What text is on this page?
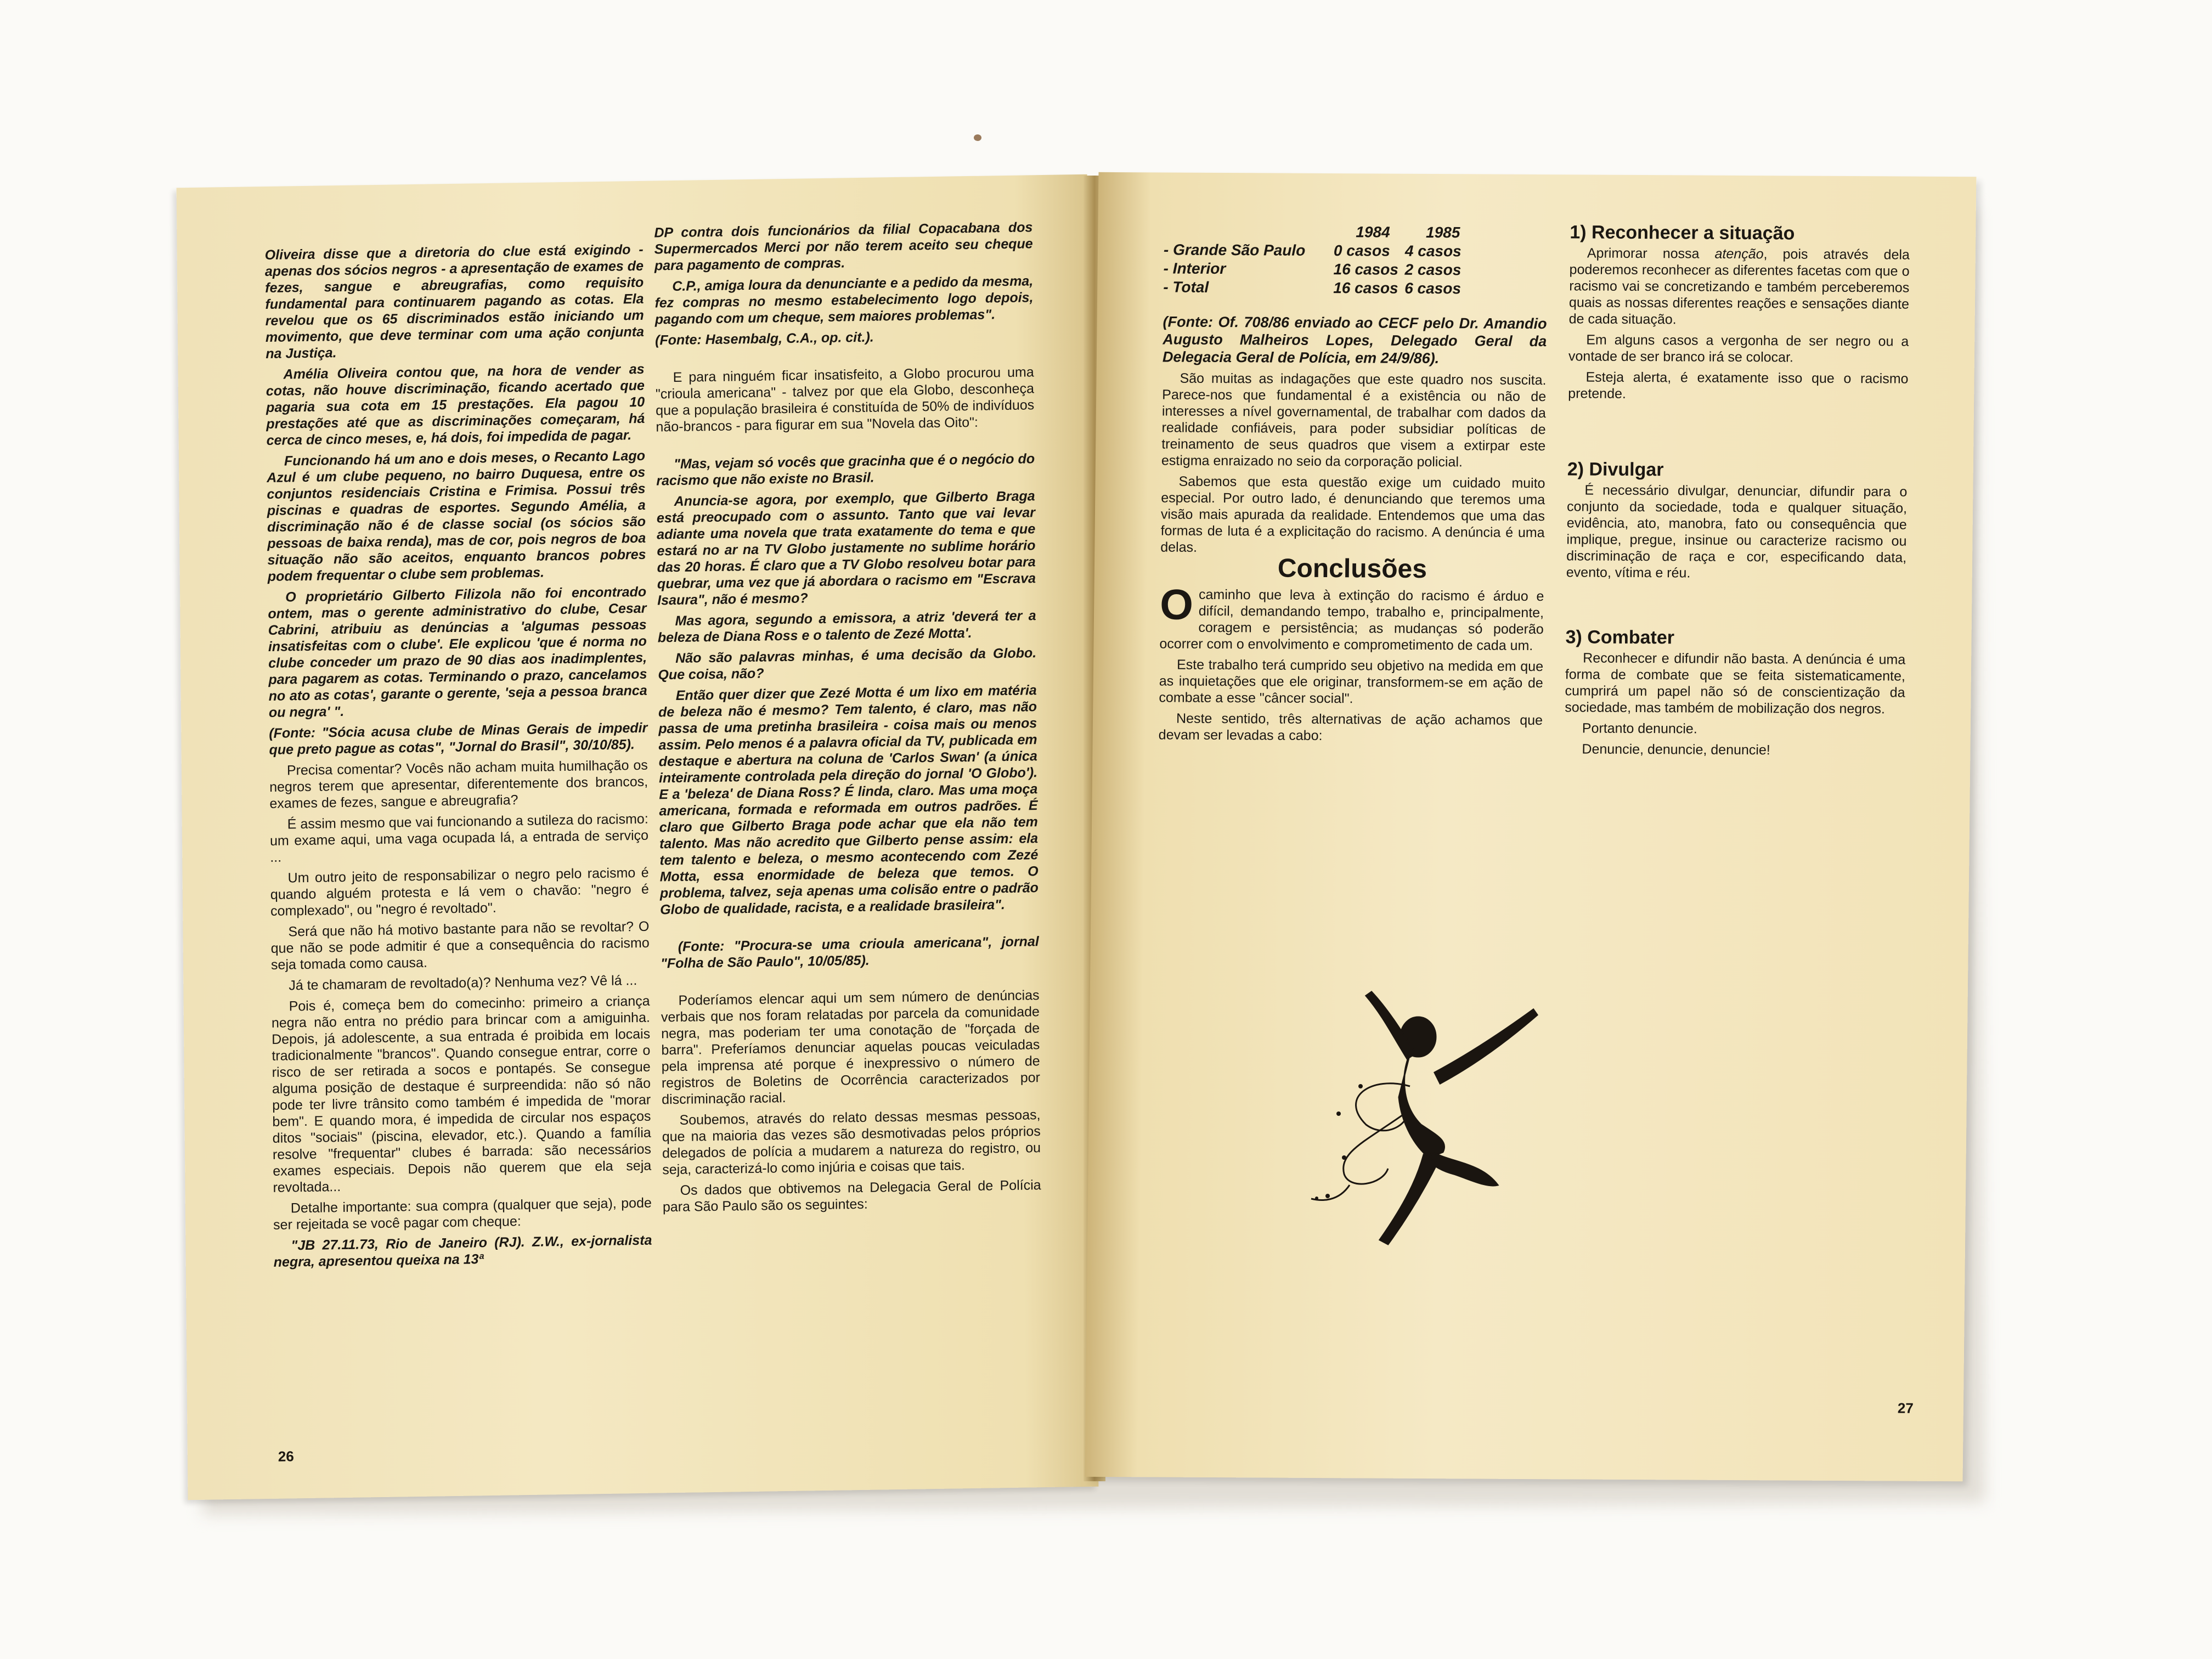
Oliveira disse que a diretoria do clue está exigindo - apenas dos sócios negros - a apresentação de exames de fezes, sangue e abreugrafias, como requisito fundamental para continuarem pagando as cotas. Ela revelou que os 65 discriminados estão iniciando um movimento, que deve terminar com uma ação conjunta na Justiça.

Amélia Oliveira contou que, na hora de vender as cotas, não houve discriminação, ficando acertado que pagaria sua cota em 15 prestações. Ela pagou 10 prestações até que as discriminações começaram, há cerca de cinco meses, e, há dois, foi impedida de pagar.

Funcionando há um ano e dois meses, o Recanto Lago Azul é um clube pequeno, no bairro Duquesa, entre os conjuntos residenciais Cristina e Frimisa. Possui três piscinas e quadras de esportes. Segundo Amélia, a discriminação não é de classe social (os sócios são pessoas de baixa renda), mas de cor, pois negros de boa situação não são aceitos, enquanto brancos pobres podem frequentar o clube sem problemas.

O proprietário Gilberto Filizola não foi encontrado ontem, mas o gerente administrativo do clube, Cesar Cabrini, atribuiu as denúncias a 'algumas pessoas insatisfeitas com o clube'. Ele explicou 'que é norma no clube conceder um prazo de 90 dias aos inadimplentes, para pagarem as cotas. Terminando o prazo, cancelamos no ato as cotas', garante o gerente, 'seja a pessoa branca ou negra' ".

(Fonte: "Sócia acusa clube de Minas Gerais de impedir que preto pague as cotas", "Jornal do Brasil", 30/10/85).

Precisa comentar? Vocês não acham muita humilhação os negros terem que apresentar, diferentemente dos brancos, exames de fezes, sangue e abreugrafia?

É assim mesmo que vai funcionando a sutileza do racismo: um exame aqui, uma vaga ocupada lá, a entrada de serviço ...

Um outro jeito de responsabilizar o negro pelo racismo é quando alguém protesta e lá vem o chavão: "negro é complexado", ou "negro é revoltado".

Será que não há motivo bastante para não se revoltar? O que não se pode admitir é que a consequência do racismo seja tomada como causa.

Já te chamaram de revoltado(a)? Nenhuma vez? Vê lá ...

Pois é, começa bem do comecinho: primeiro a criança negra não entra no prédio para brincar com a amiguinha. Depois, já adolescente, a sua entrada é proibida em locais tradicionalmente "brancos". Quando consegue entrar, corre o risco de ser retirada a socos e pontapés. Se consegue alguma posição de destaque é surpreendida: não só não pode ter livre trânsito como também é impedida de "morar bem". E quando mora, é impedida de circular nos espaços ditos "sociais" (piscina, elevador, etc.). Quando a família resolve "frequentar" clubes é barrada: são necessários exames especiais. Depois não querem que ela seja revoltada...

Detalhe importante: sua compra (qualquer que seja), pode ser rejeitada se você pagar com cheque:

"JB 27.11.73, Rio de Janeiro (RJ). Z.W., ex-jornalista negra, apresentou queixa na 13ª

DP contra dois funcionários da filial Copacabana dos Supermercados Merci por não terem aceito seu cheque para pagamento de compras.

C.P., amiga loura da denunciante e a pedido da mesma, fez compras no mesmo estabelecimento logo depois, pagando com um cheque, sem maiores problemas".

(Fonte: Hasembalg, C.A., op. cit.).

E para ninguém ficar insatisfeito, a Globo procurou uma "crioula americana" - talvez por que ela Globo, desconheça que a população brasileira é constituída de 50% de indivíduos não-brancos - para figurar em sua "Novela das Oito":

"Mas, vejam só vocês que gracinha que é o negócio do racismo que não existe no Brasil.

Anuncia-se agora, por exemplo, que Gilberto Braga está preocupado com o assunto. Tanto que vai levar adiante uma novela que trata exatamente do tema e que estará no ar na TV Globo justamente no sublime horário das 20 horas. É claro que a TV Globo resolveu botar para quebrar, uma vez que já abordara o racismo em "Escrava Isaura", não é mesmo?

Mas agora, segundo a emissora, a atriz 'deverá ter a beleza de Diana Ross e o talento de Zezé Motta'.

Não são palavras minhas, é uma decisão da Globo. Que coisa, não?

Então quer dizer que Zezé Motta é um lixo em matéria de beleza não é mesmo? Tem talento, é claro, mas não passa de uma pretinha brasileira - coisa mais ou menos assim. Pelo menos é a palavra oficial da TV, publicada em destaque e abertura na coluna de 'Carlos Swan' (a única inteiramente controlada pela direção do jornal 'O Globo'). E a 'beleza' de Diana Ross? É linda, claro. Mas uma moça americana, formada e reformada em outros padrões. É claro que Gilberto Braga pode achar que ela não tem talento. Mas não acredito que Gilberto pense assim: ela tem talento e beleza, o mesmo acontecendo com Zezé Motta, essa enormidade de beleza que temos. O problema, talvez, seja apenas uma colisão entre o padrão Globo de qualidade, racista, e a realidade brasileira".

(Fonte: "Procura-se uma crioula americana", jornal "Folha de São Paulo", 10/05/85).

Poderíamos elencar aqui um sem número de denúncias verbais que nos foram relatadas por parcela da comunidade negra, mas poderiam ter uma conotação de "forçada de barra". Preferíamos denunciar aquelas poucas veiculadas pela imprensa até porque é inexpressivo o número de registros de Boletins de Ocorrência caracterizados por discriminação racial.

Soubemos, através do relato dessas mesmas pessoas, que na maioria das vezes são desmotivadas pelos próprios delegados de polícia a mudarem a natureza do registro, ou seja, caracterizá-lo como injúria e coisas que tais.

Os dados que obtivemos na Delegacia Geral de Polícia para São Paulo são os seguintes:

26
1984 1985
- Grande São Paulo	0 casos 4 casos
- Interior	16 casos 2 casos
- Total	16 casos 6 casos

(Fonte: Of. 708/86 enviado ao CECF pelo Dr. Amandio Augusto Malheiros Lopes, Delegado Geral da Delegacia Geral de Polícia, em 24/9/86).

São muitas as indagações que este quadro nos suscita. Parece-nos que fundamental é a existência ou não de interesses a nível governamental, de trabalhar com dados da realidade confiáveis, para poder subsidiar políticas de treinamento de seus quadros que visem a extirpar este estigma enraizado no seio da corporação policial.

Sabemos que esta questão exige um cuidado muito especial. Por outro lado, é denunciando que teremos uma visão mais apurada da realidade. Entendemos que uma das formas de luta é a explicitação do racismo. A denúncia é uma delas.

Conclusões

Ocaminho que leva à extinção do racismo é árduo e difícil, demandando tempo, trabalho e, principalmente, coragem e persistência; as mudanças só poderão ocorrer com o envolvimento e comprometimento de cada um.

Este trabalho terá cumprido seu objetivo na medida em que as inquietações que ele originar, transformem-se em ação de combate a esse "câncer social".

Neste sentido, três alternativas de ação achamos que devam ser levadas a cabo:

1) Reconhecer a situação

Aprimorar nossa atenção, pois através dela poderemos reconhecer as diferentes facetas com que o racismo vai se concretizando e também perceberemos quais as nossas diferentes reações e sensações diante de cada situação.

Em alguns casos a vergonha de ser negro ou a vontade de ser branco irá se colocar.

Esteja alerta, é exatamente isso que o racismo pretende.

2) Divulgar

É necessário divulgar, denunciar, difundir para o conjunto da sociedade, toda e qualquer situação, evidência, ato, manobra, fato ou consequência que implique, pregue, insinue ou caracterize racismo ou discriminação de raça e cor, especificando data, evento, vítima e réu.

3) Combater

Reconhecer e difundir não basta. A denúncia é uma forma de combate que se feita sistematicamente, cumprirá um papel não só de conscientização da sociedade, mas também de mobilização dos negros.

Portanto denuncie.

Denuncie, denuncie, denuncie!

27
